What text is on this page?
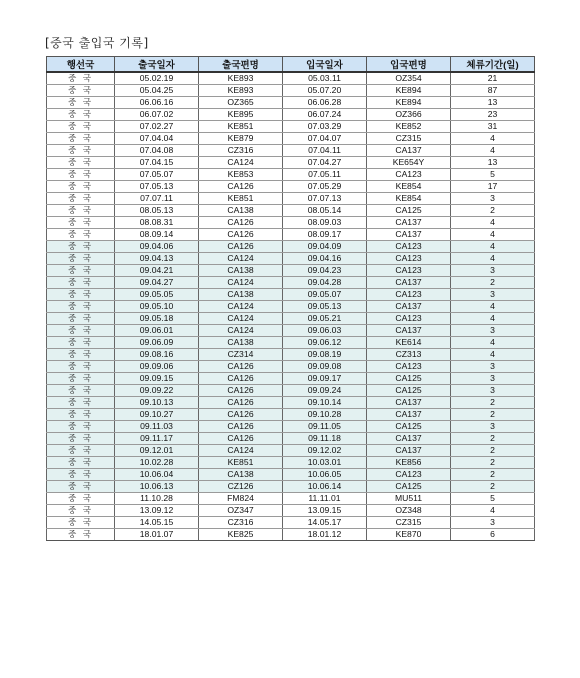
[중국 출입국 기록]
행선국	출국일자	출국편명	입국일자	입국편명	체류기간(일)
중 국	05.02.19	KE893	05.03.11	OZ354	21
중 국	05.04.25	KE893	05.07.20	KE894	87
중 국	06.06.16	OZ365	06.06.28	KE894	13
중 국	06.07.02	KE895	06.07.24	OZ366	23
중 국	07.02.27	KE851	07.03.29	KE852	31
중 국	07.04.04	KE879	07.04.07	CZ315	4
중 국	07.04.08	CZ316	07.04.11	CA137	4
중 국	07.04.15	CA124	07.04.27	KE654Y	13
중 국	07.05.07	KE853	07.05.11	CA123	5
중 국	07.05.13	CA126	07.05.29	KE854	17
중 국	07.07.11	KE851	07.07.13	KE854	3
중 국	08.05.13	CA138	08.05.14	CA125	2
중 국	08.08.31	CA126	08.09.03	CA137	4
중 국	08.09.14	CA126	08.09.17	CA137	4
중 국	09.04.06	CA126	09.04.09	CA123	4
중 국	09.04.13	CA124	09.04.16	CA123	4
중 국	09.04.21	CA138	09.04.23	CA123	3
중 국	09.04.27	CA124	09.04.28	CA137	2
중 국	09.05.05	CA138	09.05.07	CA123	3
중 국	09.05.10	CA124	09.05.13	CA137	4
중 국	09.05.18	CA124	09.05.21	CA123	4
중 국	09.06.01	CA124	09.06.03	CA137	3
중 국	09.06.09	CA138	09.06.12	KE614	4
중 국	09.08.16	CZ314	09.08.19	CZ313	4
중 국	09.09.06	CA126	09.09.08	CA123	3
중 국	09.09.15	CA126	09.09.17	CA125	3
중 국	09.09.22	CA126	09.09.24	CA125	3
중 국	09.10.13	CA126	09.10.14	CA137	2
중 국	09.10.27	CA126	09.10.28	CA137	2
중 국	09.11.03	CA126	09.11.05	CA125	3
중 국	09.11.17	CA126	09.11.18	CA137	2
중 국	09.12.01	CA124	09.12.02	CA137	2
중 국	10.02.28	KE851	10.03.01	KE856	2
중 국	10.06.04	CA138	10.06.05	CA123	2
중 국	10.06.13	CZ126	10.06.14	CA125	2
중 국	11.10.28	FM824	11.11.01	MU511	5
중 국	13.09.12	OZ347	13.09.15	OZ348	4
중 국	14.05.15	CZ316	14.05.17	CZ315	3
중 국	18.01.07	KE825	18.01.12	KE870	6
